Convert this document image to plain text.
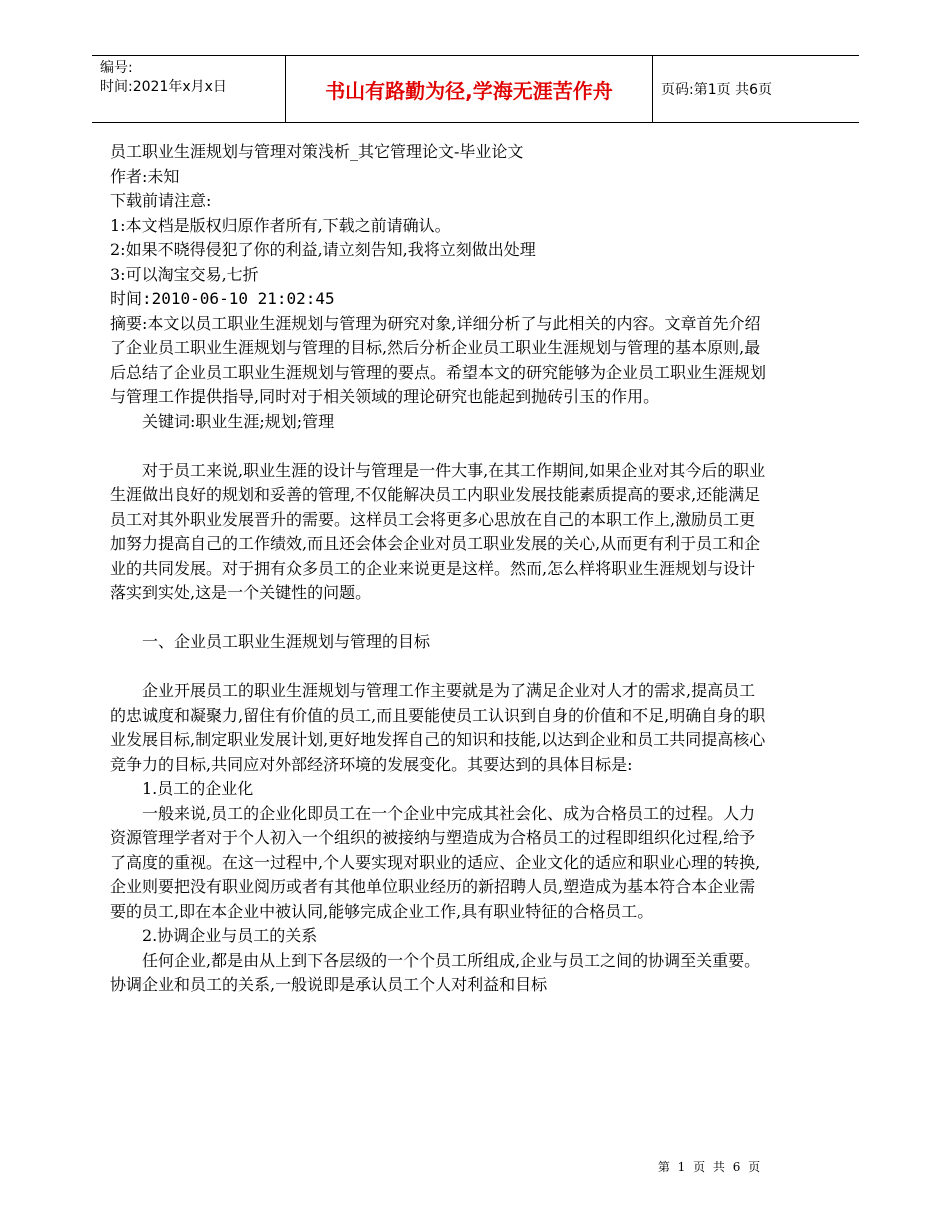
编号:
时间:2021年x月x日	书山有路勤为径,学海无涯苦作舟	页码:第1页 共6页

员工职业生涯规划与管理对策浅析_其它管理论文-毕业论文

作者:未知

下载前请注意:

1:本文档是版权归原作者所有,下载之前请确认。

2:如果不晓得侵犯了你的利益,请立刻告知,我将立刻做出处理

3:可以淘宝交易,七折

时间:2010-06-10 21:02:45

摘要:本文以员工职业生涯规划与管理为研究对象,详细分析了与此相关的内容。文章首先介绍了企业员工职业生涯规划与管理的目标,然后分析企业员工职业生涯规划与管理的基本原则,最后总结了企业员工职业生涯规划与管理的要点。希望本文的研究能够为企业员工职业生涯规划与管理工作提供指导,同时对于相关领域的理论研究也能起到抛砖引玉的作用。

关键词:职业生涯;规划;管理

对于员工来说,职业生涯的设计与管理是一件大事,在其工作期间,如果企业对其今后的职业生涯做出良好的规划和妥善的管理,不仅能解决员工内职业发展技能素质提高的要求,还能满足员工对其外职业发展晋升的需要。这样员工会将更多心思放在自己的本职工作上,激励员工更加努力提高自己的工作绩效,而且还会体会企业对员工职业发展的关心,从而更有利于员工和企业的共同发展。对于拥有众多员工的企业来说更是这样。然而,怎么样将职业生涯规划与设计落实到实处,这是一个关键性的问题。

一、企业员工职业生涯规划与管理的目标

企业开展员工的职业生涯规划与管理工作主要就是为了满足企业对人才的需求,提高员工的忠诚度和凝聚力,留住有价值的员工,而且要能使员工认识到自身的价值和不足,明确自身的职业发展目标,制定职业发展计划,更好地发挥自己的知识和技能,以达到企业和员工共同提高核心竞争力的目标,共同应对外部经济环境的发展变化。其要达到的具体目标是:

1.员工的企业化

一般来说,员工的企业化即员工在一个企业中完成其社会化、成为合格员工的过程。人力资源管理学者对于个人初入一个组织的被接纳与塑造成为合格员工的过程即组织化过程,给予了高度的重视。在这一过程中,个人要实现对职业的适应、企业文化的适应和职业心理的转换,企业则要把没有职业阅历或者有其他单位职业经历的新招聘人员,塑造成为基本符合本企业需要的员工,即在本企业中被认同,能够完成企业工作,具有职业特征的合格员工。

2.协调企业与员工的关系

任何企业,都是由从上到下各层级的一个个员工所组成,企业与员工之间的协调至关重要。协调企业和员工的关系,一般说即是承认员工个人对利益和目标

第 1 页 共 6 页
